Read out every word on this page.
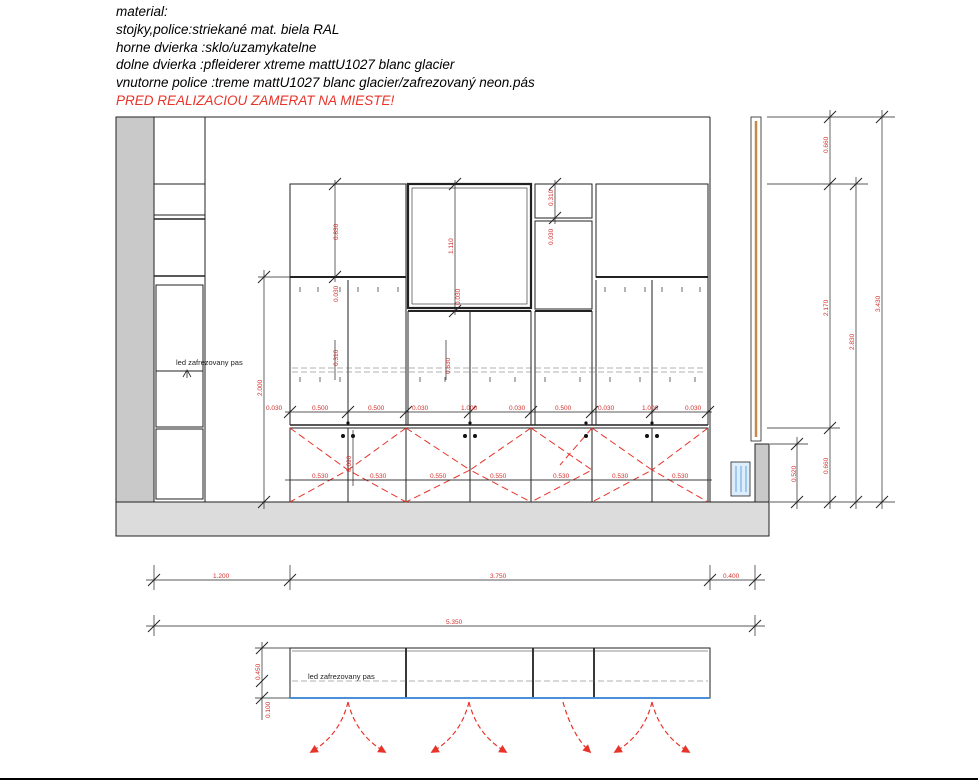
material:
stojky,police:striekané mat. biela RAL
horne dvierka :sklo/uzamykatelne
dolne dvierka :pfleiderer xtreme mattU1027 blanc glacier
vnutorne police :treme mattU1027 blanc glacier/zafrezovaný neon.pás
PRED REALIZACIOU ZAMERAT NA MIESTE!
led zafrezovany pas
0.660
2.170
2.830
3.430
0.660
0.520
2.000
0.830
1.110
0.310
0.030
0.030	0.030
0.310	0.630
0.690
0.030	0.500	0.500	0.030	1.000	0.030	0.500	0.030	1.000	0.030
0.530	0.530	0.550	0.550	0.530	0.530	0.530
1.200	3.750	0.400
5.350
led zafrezovany pas
0.450
0.100
